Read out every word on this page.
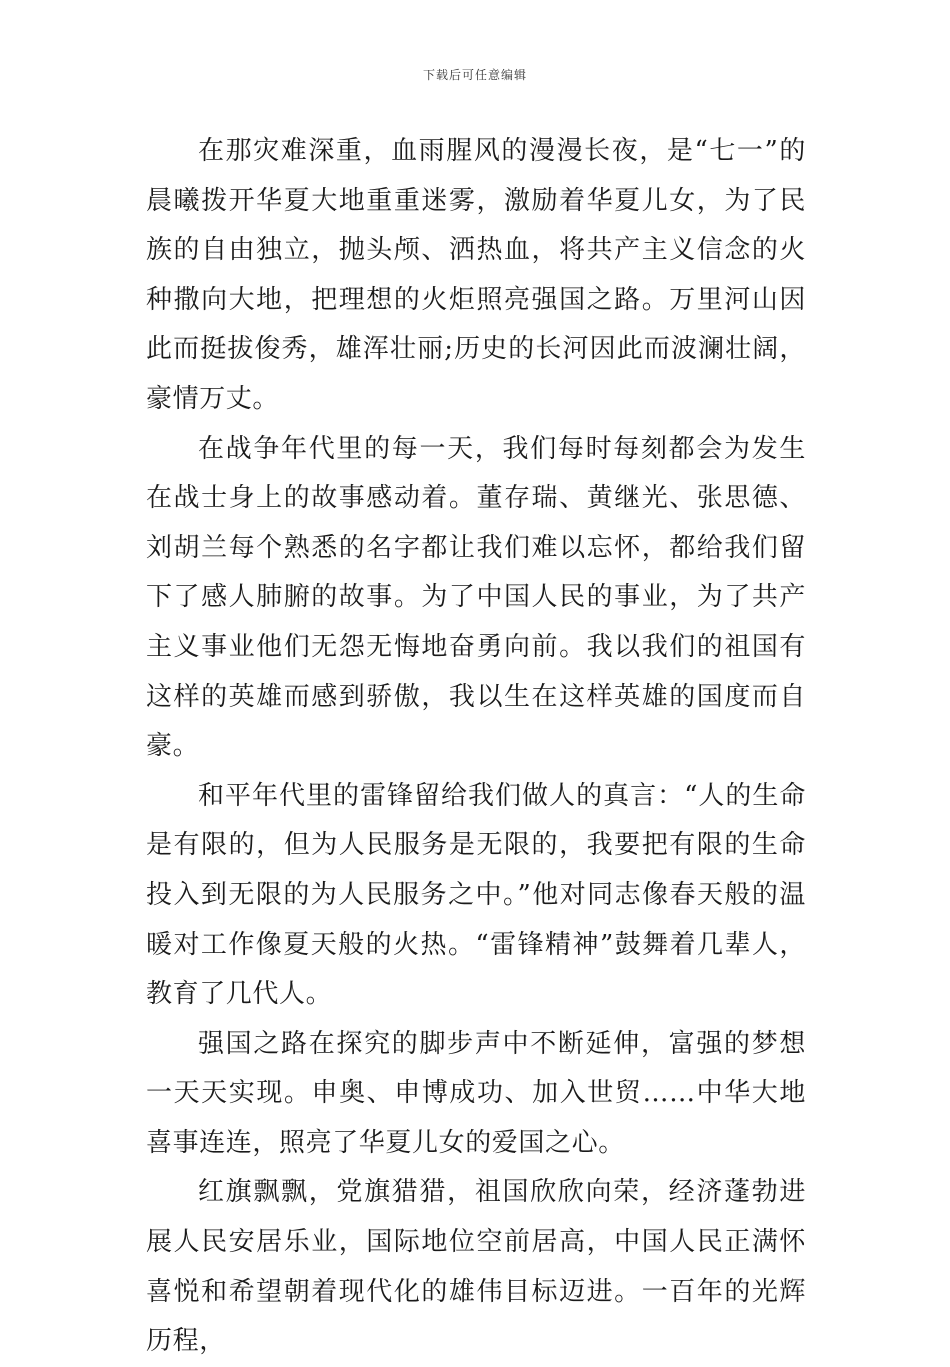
下载后可任意编辑

在那灾难深重，血雨腥风的漫漫长夜，是“七一”的晨曦拨开华夏大地重重迷雾，激励着华夏儿女，为了民族的自由独立，抛头颅、洒热血，将共产主义信念的火种撒向大地，把理想的火炬照亮强国之路。万里河山因此而挺拔俊秀，雄浑壮丽;历史的长河因此而波澜壮阔，豪情万丈。

在战争年代里的每一天，我们每时每刻都会为发生在战士身上的故事感动着。董存瑞、黄继光、张思德、刘胡兰每个熟悉的名字都让我们难以忘怀，都给我们留下了感人肺腑的故事。为了中国人民的事业，为了共产主义事业他们无怨无悔地奋勇向前。我以我们的祖国有这样的英雄而感到骄傲，我以生在这样英雄的国度而自豪。

和平年代里的雷锋留给我们做人的真言：“人的生命是有限的，但为人民服务是无限的，我要把有限的生命投入到无限的为人民服务之中。”他对同志像春天般的温暖对工作像夏天般的火热。“雷锋精神”鼓舞着几辈人，教育了几代人。

强国之路在探究的脚步声中不断延伸，富强的梦想一天天实现。申奥、申博成功、加入世贸……中华大地喜事连连，照亮了华夏儿女的爱国之心。

红旗飘飘，党旗猎猎，祖国欣欣向荣，经济蓬勃进展人民安居乐业，国际地位空前居高，中国人民正满怀喜悦和希望朝着现代化的雄伟目标迈进。一百年的光辉历程，
